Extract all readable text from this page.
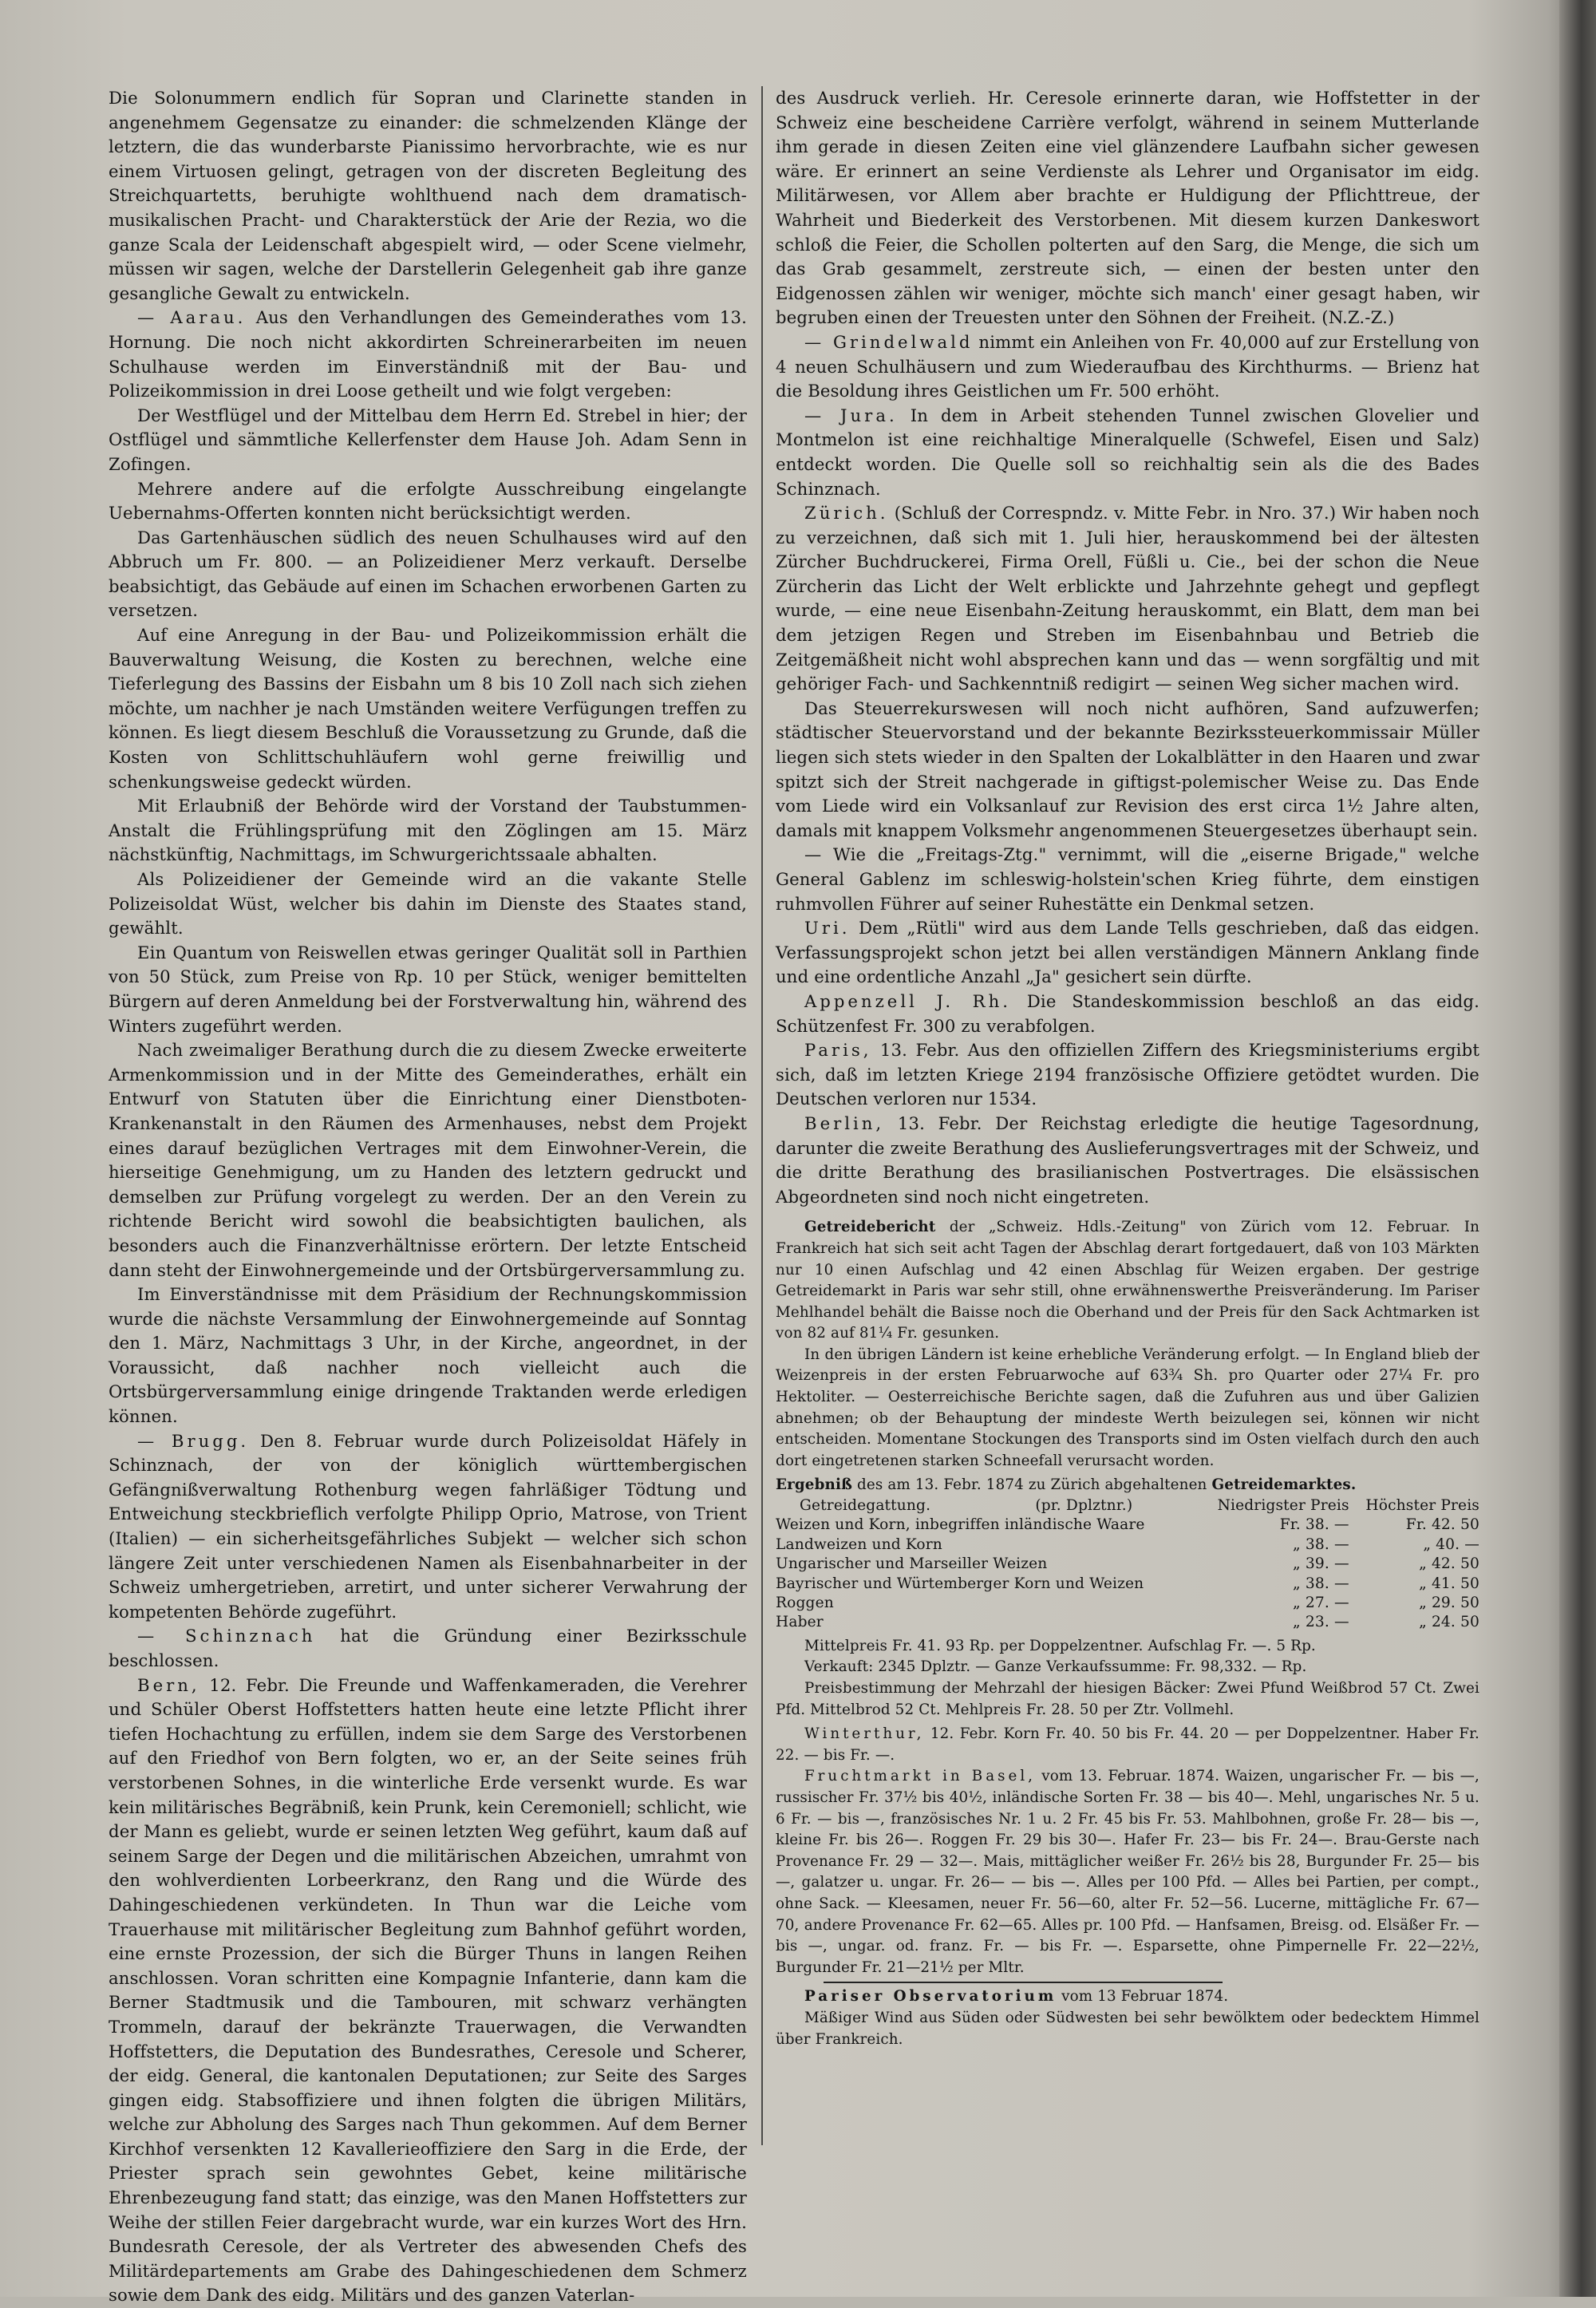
Die Solonummern endlich für Sopran und Clarinette standen in angenehmem Gegensatze zu einander: die schmelzenden Klänge der letztern, die das wunderbarste Pianissimo hervorbrachte, wie es nur einem Virtuosen gelingt, getragen von der discreten Begleitung des Streichquartetts, beruhigte wohlthuend nach dem dramatisch-musikalischen Pracht- und Charakterstück der Arie der Rezia, wo die ganze Scala der Leidenschaft abgespielt wird, — oder Scene vielmehr, müssen wir sagen, welche der Darstellerin Gelegenheit gab ihre ganze gesangliche Gewalt zu entwickeln.

— Aarau. Aus den Verhandlungen des Gemeinderathes vom 13. Hornung. Die noch nicht akkordirten Schreinerarbeiten im neuen Schulhause werden im Einverständniß mit der Bau- und Polizeikommission in drei Loose getheilt und wie folgt vergeben:

Der Westflügel und der Mittelbau dem Herrn Ed. Strebel in hier; der Ostflügel und sämmtliche Kellerfenster dem Hause Joh. Adam Senn in Zofingen.

Mehrere andere auf die erfolgte Ausschreibung eingelangte Uebernahms-Offerten konnten nicht berücksichtigt werden.

Das Gartenhäuschen südlich des neuen Schulhauses wird auf den Abbruch um Fr. 800. — an Polizeidiener Merz verkauft. Derselbe beabsichtigt, das Gebäude auf einen im Schachen erworbenen Garten zu versetzen.

Auf eine Anregung in der Bau- und Polizeikommission erhält die Bauverwaltung Weisung, die Kosten zu berechnen, welche eine Tieferlegung des Bassins der Eisbahn um 8 bis 10 Zoll nach sich ziehen möchte, um nachher je nach Umständen weitere Verfügungen treffen zu können. Es liegt diesem Beschluß die Voraussetzung zu Grunde, daß die Kosten von Schlittschuhläufern wohl gerne freiwillig und schenkungsweise gedeckt würden.

Mit Erlaubniß der Behörde wird der Vorstand der Taubstummen-Anstalt die Frühlingsprüfung mit den Zöglingen am 15. März nächstkünftig, Nachmittags, im Schwurgerichtssaale abhalten.

Als Polizeidiener der Gemeinde wird an die vakante Stelle Polizeisoldat Wüst, welcher bis dahin im Dienste des Staates stand, gewählt.

Ein Quantum von Reiswellen etwas geringer Qualität soll in Parthien von 50 Stück, zum Preise von Rp. 10 per Stück, weniger bemittelten Bürgern auf deren Anmeldung bei der Forstverwaltung hin, während des Winters zugeführt werden.

Nach zweimaliger Berathung durch die zu diesem Zwecke erweiterte Armenkommission und in der Mitte des Gemeinderathes, erhält ein Entwurf von Statuten über die Einrichtung einer Dienstboten-Krankenanstalt in den Räumen des Armenhauses, nebst dem Projekt eines darauf bezüglichen Vertrages mit dem Einwohner-Verein, die hierseitige Genehmigung, um zu Handen des letztern gedruckt und demselben zur Prüfung vorgelegt zu werden. Der an den Verein zu richtende Bericht wird sowohl die beabsichtigten baulichen, als besonders auch die Finanzverhältnisse erörtern. Der letzte Entscheid dann steht der Einwohnergemeinde und der Ortsbürgerversammlung zu.

Im Einverständnisse mit dem Präsidium der Rechnungskommission wurde die nächste Versammlung der Einwohnergemeinde auf Sonntag den 1. März, Nachmittags 3 Uhr, in der Kirche, angeordnet, in der Voraussicht, daß nachher noch vielleicht auch die Ortsbürgerversammlung einige dringende Traktanden werde erledigen können.

— Brugg. Den 8. Februar wurde durch Polizeisoldat Häfely in Schinznach, der von der königlich württembergischen Gefängnißverwaltung Rothenburg wegen fahrläßiger Tödtung und Entweichung steckbrieflich verfolgte Philipp Oprio, Matrose, von Trient (Italien) — ein sicherheitsgefährliches Subjekt — welcher sich schon längere Zeit unter verschiedenen Namen als Eisenbahnarbeiter in der Schweiz umhergetrieben, arretirt, und unter sicherer Verwahrung der kompetenten Behörde zugeführt.

— Schinznach hat die Gründung einer Bezirksschule beschlossen.

Bern, 12. Febr. Die Freunde und Waffenkameraden, die Verehrer und Schüler Oberst Hoffstetters hatten heute eine letzte Pflicht ihrer tiefen Hochachtung zu erfüllen, indem sie dem Sarge des Verstorbenen auf den Friedhof von Bern folgten, wo er, an der Seite seines früh verstorbenen Sohnes, in die winterliche Erde versenkt wurde. Es war kein militärisches Begräbniß, kein Prunk, kein Ceremoniell; schlicht, wie der Mann es geliebt, wurde er seinen letzten Weg geführt, kaum daß auf seinem Sarge der Degen und die militärischen Abzeichen, umrahmt von den wohlverdienten Lorbeerkranz, den Rang und die Würde des Dahingeschiedenen verkündeten. In Thun war die Leiche vom Trauerhause mit militärischer Begleitung zum Bahnhof geführt worden, eine ernste Prozession, der sich die Bürger Thuns in langen Reihen anschlossen. Voran schritten eine Kompagnie Infanterie, dann kam die Berner Stadtmusik und die Tambouren, mit schwarz verhängten Trommeln, darauf der bekränzte Trauerwagen, die Verwandten Hoffstetters, die Deputation des Bundesrathes, Ceresole und Scherer, der eidg. General, die kantonalen Deputationen; zur Seite des Sarges gingen eidg. Stabsoffiziere und ihnen folgten die übrigen Militärs, welche zur Abholung des Sarges nach Thun gekommen. Auf dem Berner Kirchhof versenkten 12 Kavallerieoffiziere den Sarg in die Erde, der Priester sprach sein gewohntes Gebet, keine militärische Ehrenbezeugung fand statt; das einzige, was den Manen Hoffstetters zur Weihe der stillen Feier dargebracht wurde, war ein kurzes Wort des Hrn. Bundesrath Ceresole, der als Vertreter des abwesenden Chefs des Militärdepartements am Grabe des Dahingeschiedenen dem Schmerz sowie dem Dank des eidg. Militärs und des ganzen Vaterlan-

des Ausdruck verlieh. Hr. Ceresole erinnerte daran, wie Hoffstetter in der Schweiz eine bescheidene Carrière verfolgt, während in seinem Mutterlande ihm gerade in diesen Zeiten eine viel glänzendere Laufbahn sicher gewesen wäre. Er erinnert an seine Verdienste als Lehrer und Organisator im eidg. Militärwesen, vor Allem aber brachte er Huldigung der Pflichttreue, der Wahrheit und Biederkeit des Verstorbenen. Mit diesem kurzen Dankeswort schloß die Feier, die Schollen polterten auf den Sarg, die Menge, die sich um das Grab gesammelt, zerstreute sich, — einen der besten unter den Eidgenossen zählen wir weniger, möchte sich manch' einer gesagt haben, wir begruben einen der Treuesten unter den Söhnen der Freiheit. (N.Z.-Z.)

— Grindelwald nimmt ein Anleihen von Fr. 40,000 auf zur Erstellung von 4 neuen Schulhäusern und zum Wiederaufbau des Kirchthurms. — Brienz hat die Besoldung ihres Geistlichen um Fr. 500 erhöht.

— Jura. In dem in Arbeit stehenden Tunnel zwischen Glovelier und Montmelon ist eine reichhaltige Mineralquelle (Schwefel, Eisen und Salz) entdeckt worden. Die Quelle soll so reichhaltig sein als die des Bades Schinznach.

Zürich. (Schluß der Correspndz. v. Mitte Febr. in Nro. 37.) Wir haben noch zu verzeichnen, daß sich mit 1. Juli hier, herauskommend bei der ältesten Zürcher Buchdruckerei, Firma Orell, Füßli u. Cie., bei der schon die Neue Zürcherin das Licht der Welt erblickte und Jahrzehnte gehegt und gepflegt wurde, — eine neue Eisenbahn-Zeitung herauskommt, ein Blatt, dem man bei dem jetzigen Regen und Streben im Eisenbahnbau und Betrieb die Zeitgemäßheit nicht wohl absprechen kann und das — wenn sorgfältig und mit gehöriger Fach- und Sachkenntniß redigirt — seinen Weg sicher machen wird.

Das Steuerrekurswesen will noch nicht aufhören, Sand aufzuwerfen; städtischer Steuervorstand und der bekannte Bezirkssteuerkommissair Müller liegen sich stets wieder in den Spalten der Lokalblätter in den Haaren und zwar spitzt sich der Streit nachgerade in giftigst-polemischer Weise zu. Das Ende vom Liede wird ein Volksanlauf zur Revision des erst circa 1½ Jahre alten, damals mit knappem Volksmehr angenommenen Steuergesetzes überhaupt sein.

— Wie die „Freitags-Ztg." vernimmt, will die „eiserne Brigade," welche General Gablenz im schleswig-holstein'schen Krieg führte, dem einstigen ruhmvollen Führer auf seiner Ruhestätte ein Denkmal setzen.

Uri. Dem „Rütli" wird aus dem Lande Tells geschrieben, daß das eidgen. Verfassungsprojekt schon jetzt bei allen verständigen Männern Anklang finde und eine ordentliche Anzahl „Ja" gesichert sein dürfte.

Appenzell J. Rh. Die Standeskommission beschloß an das eidg. Schützenfest Fr. 300 zu verabfolgen.

Paris, 13. Febr. Aus den offiziellen Ziffern des Kriegsministeriums ergibt sich, daß im letzten Kriege 2194 französische Offiziere getödtet wurden. Die Deutschen verloren nur 1534.

Berlin, 13. Febr. Der Reichstag erledigte die heutige Tagesordnung, darunter die zweite Berathung des Auslieferungsvertrages mit der Schweiz, und die dritte Berathung des brasilianischen Postvertrages. Die elsässischen Abgeordneten sind noch nicht eingetreten.

Getreidebericht der „Schweiz. Hdls.-Zeitung" von Zürich vom 12. Februar. In Frankreich hat sich seit acht Tagen der Abschlag derart fortgedauert, daß von 103 Märkten nur 10 einen Aufschlag und 42 einen Abschlag für Weizen ergaben. Der gestrige Getreidemarkt in Paris war sehr still, ohne erwähnenswerthe Preisveränderung. Im Pariser Mehlhandel behält die Baisse noch die Oberhand und der Preis für den Sack Achtmarken ist von 82 auf 81¼ Fr. gesunken.

In den übrigen Ländern ist keine erhebliche Veränderung erfolgt. — In England blieb der Weizenpreis in der ersten Februarwoche auf 63¾ Sh. pro Quarter oder 27¼ Fr. pro Hektoliter. — Oesterreichische Berichte sagen, daß die Zufuhren aus und über Galizien abnehmen; ob der Behauptung der mindeste Werth beizulegen sei, können wir nicht entscheiden. Momentane Stockungen des Transports sind im Osten vielfach durch den auch dort eingetretenen starken Schneefall verursacht worden.

Ergebniß des am 13. Febr. 1874 zu Zürich abgehaltenen Getreidemarktes.

Getreidegattung.	(pr. Dplztnr.)	Niedrigster Preis	Höchster Preis
Weizen und Korn, inbegriffen inländische Waare		Fr. 38. —	Fr. 42. 50
Landweizen und Korn		„ 38. —	„ 40. —
Ungarischer und Marseiller Weizen		„ 39. —	„ 42. 50
Bayrischer und Würtemberger Korn und Weizen		„ 38. —	„ 41. 50
Roggen		„ 27. —	„ 29. 50
Haber		„ 23. —	„ 24. 50

Mittelpreis Fr. 41. 93 Rp. per Doppelzentner. Aufschlag Fr. —. 5 Rp.

Verkauft: 2345 Dplztr. — Ganze Verkaufssumme: Fr. 98,332. — Rp.

Preisbestimmung der Mehrzahl der hiesigen Bäcker: Zwei Pfund Weißbrod 57 Ct. Zwei Pfd. Mittelbrod 52 Ct. Mehlpreis Fr. 28. 50 per Ztr. Vollmehl.

Winterthur, 12. Febr. Korn Fr. 40. 50 bis Fr. 44. 20 — per Doppelzentner. Haber Fr. 22. — bis Fr. —.

Fruchtmarkt in Basel, vom 13. Februar. 1874. Waizen, ungarischer Fr. — bis —, russischer Fr. 37½ bis 40½, inländische Sorten Fr. 38 — bis 40—. Mehl, ungarisches Nr. 5 u. 6 Fr. — bis —, französisches Nr. 1 u. 2 Fr. 45 bis Fr. 53. Mahlbohnen, große Fr. 28— bis —, kleine Fr. bis 26—. Roggen Fr. 29 bis 30—. Hafer Fr. 23— bis Fr. 24—. Brau-Gerste nach Provenance Fr. 29 — 32—. Mais, mittäglicher weißer Fr. 26½ bis 28, Burgunder Fr. 25— bis —, galatzer u. ungar. Fr. 26— — bis —. Alles per 100 Pfd. — Alles bei Partien, per compt., ohne Sack. — Kleesamen, neuer Fr. 56—60, alter Fr. 52—56. Lucerne, mittägliche Fr. 67—70, andere Provenance Fr. 62—65. Alles pr. 100 Pfd. — Hanfsamen, Breisg. od. Elsäßer Fr. — bis —, ungar. od. franz. Fr. — bis Fr. —. Esparsette, ohne Pimpernelle Fr. 22—22½, Burgunder Fr. 21—21½ per Mltr.

Pariser Observatorium vom 13 Februar 1874.

Mäßiger Wind aus Süden oder Südwesten bei sehr bewölktem oder bedecktem Himmel über Frankreich.
